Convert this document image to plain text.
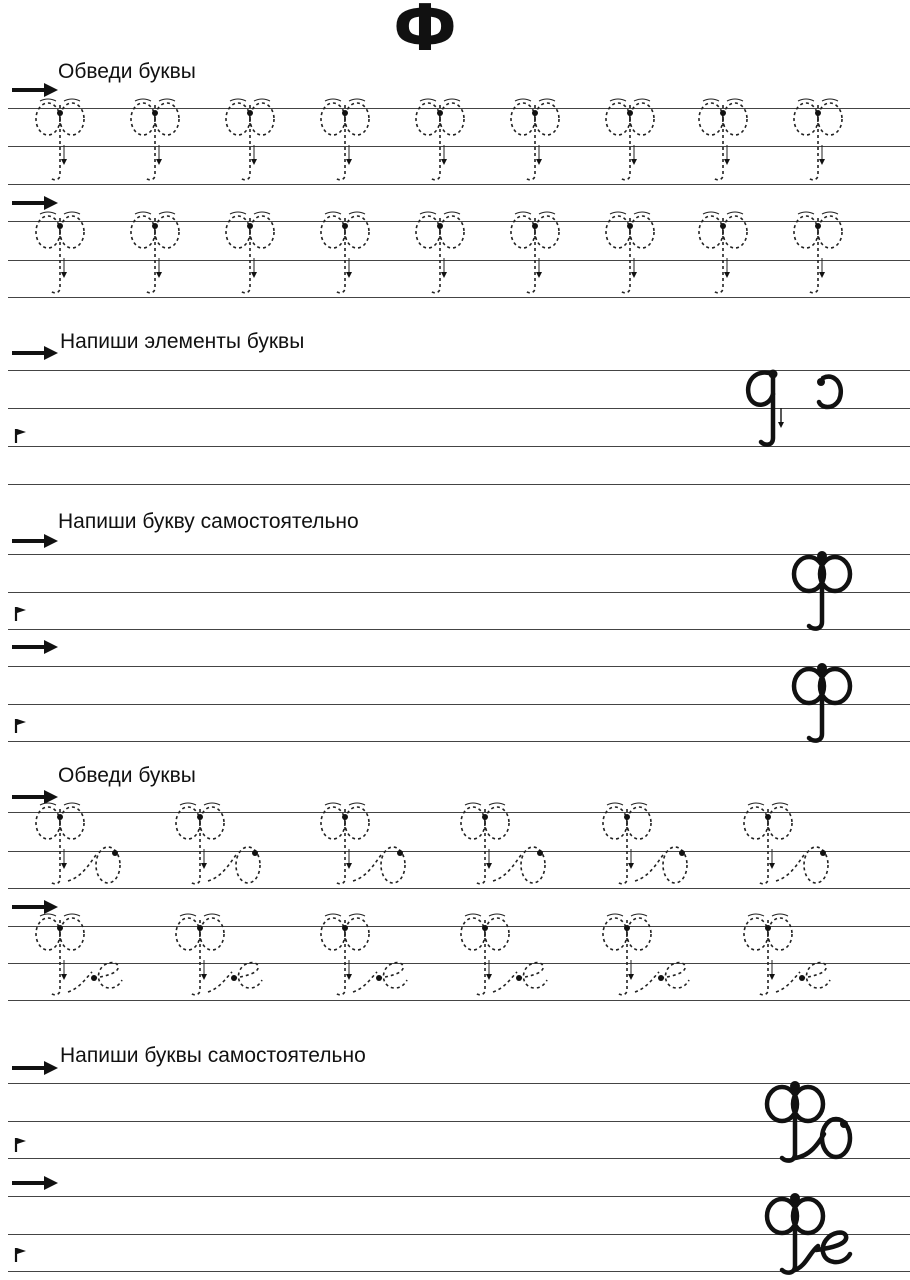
Ф
Обведи буквы
Напиши элементы буквы
Напиши букву самостоятельно
Обведи буквы
Напиши буквы самостоятельно
